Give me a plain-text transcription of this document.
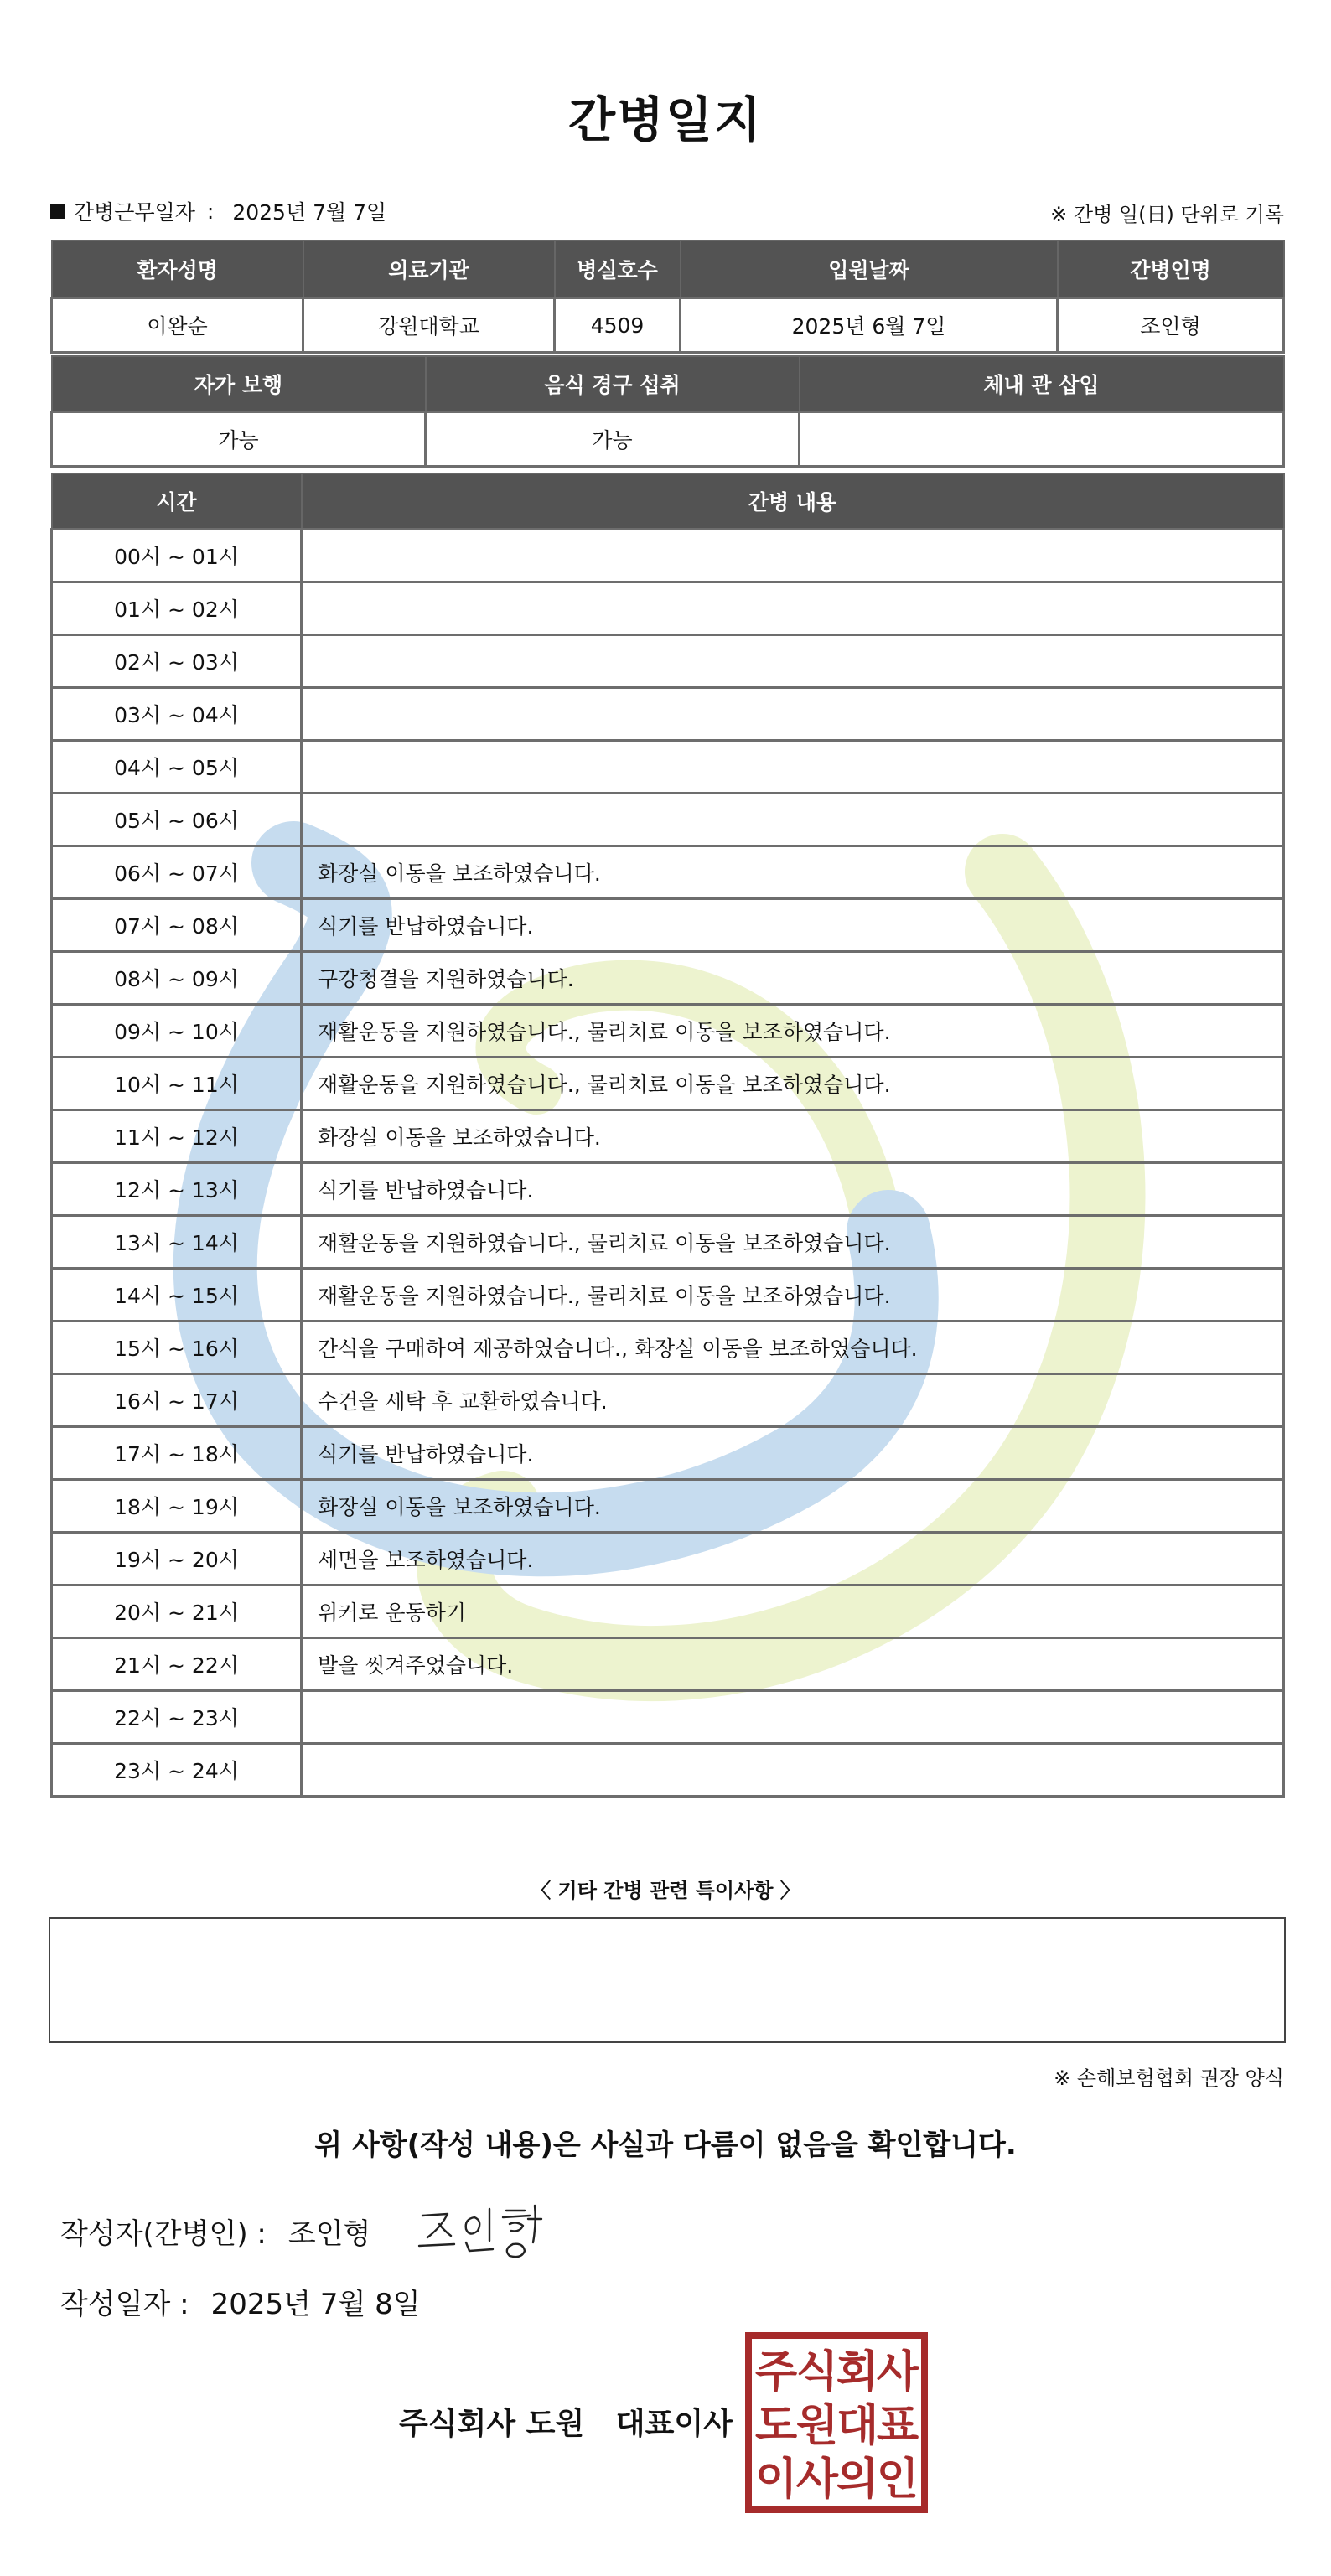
간병일지
간병근무일자 : 2025년 7월 7일	※ 간병 일(日) 단위로 기록
환자성명	의료기관	병실호수	입원날짜	간병인명
이완순	강원대학교	4509	2025년 6월 7일	조인형
자가 보행	음식 경구 섭취	체내 관 삽입
가능	가능	
시간	간병 내용
00시 ~ 01시	
01시 ~ 02시	
02시 ~ 03시	
03시 ~ 04시	
04시 ~ 05시	
05시 ~ 06시	
06시 ~ 07시	화장실 이동을 보조하였습니다.
07시 ~ 08시	식기를 반납하였습니다.
08시 ~ 09시	구강청결을 지원하였습니다.
09시 ~ 10시	재활운동을 지원하였습니다., 물리치료 이동을 보조하였습니다.
10시 ~ 11시	재활운동을 지원하였습니다., 물리치료 이동을 보조하였습니다.
11시 ~ 12시	화장실 이동을 보조하였습니다.
12시 ~ 13시	식기를 반납하였습니다.
13시 ~ 14시	재활운동을 지원하였습니다., 물리치료 이동을 보조하였습니다.
14시 ~ 15시	재활운동을 지원하였습니다., 물리치료 이동을 보조하였습니다.
15시 ~ 16시	간식을 구매하여 제공하였습니다., 화장실 이동을 보조하였습니다.
16시 ~ 17시	수건을 세탁 후 교환하였습니다.
17시 ~ 18시	식기를 반납하였습니다.
18시 ~ 19시	화장실 이동을 보조하였습니다.
19시 ~ 20시	세면을 보조하였습니다.
20시 ~ 21시	위커로 운동하기
21시 ~ 22시	발을 씻겨주었습니다.
22시 ~ 23시	
23시 ~ 24시	
〈 기타 간병 관련 특이사항 〉
※ 손해보험협회 권장 양식
위 사항(작성 내용)은 사실과 다름이 없음을 확인합니다.
작성자(간병인) : 조인형
작성일자 : 2025년 7월 8일
주식회사 도원   대표이사
주
식
회
사
도
원
대
표
이
사
의
인
